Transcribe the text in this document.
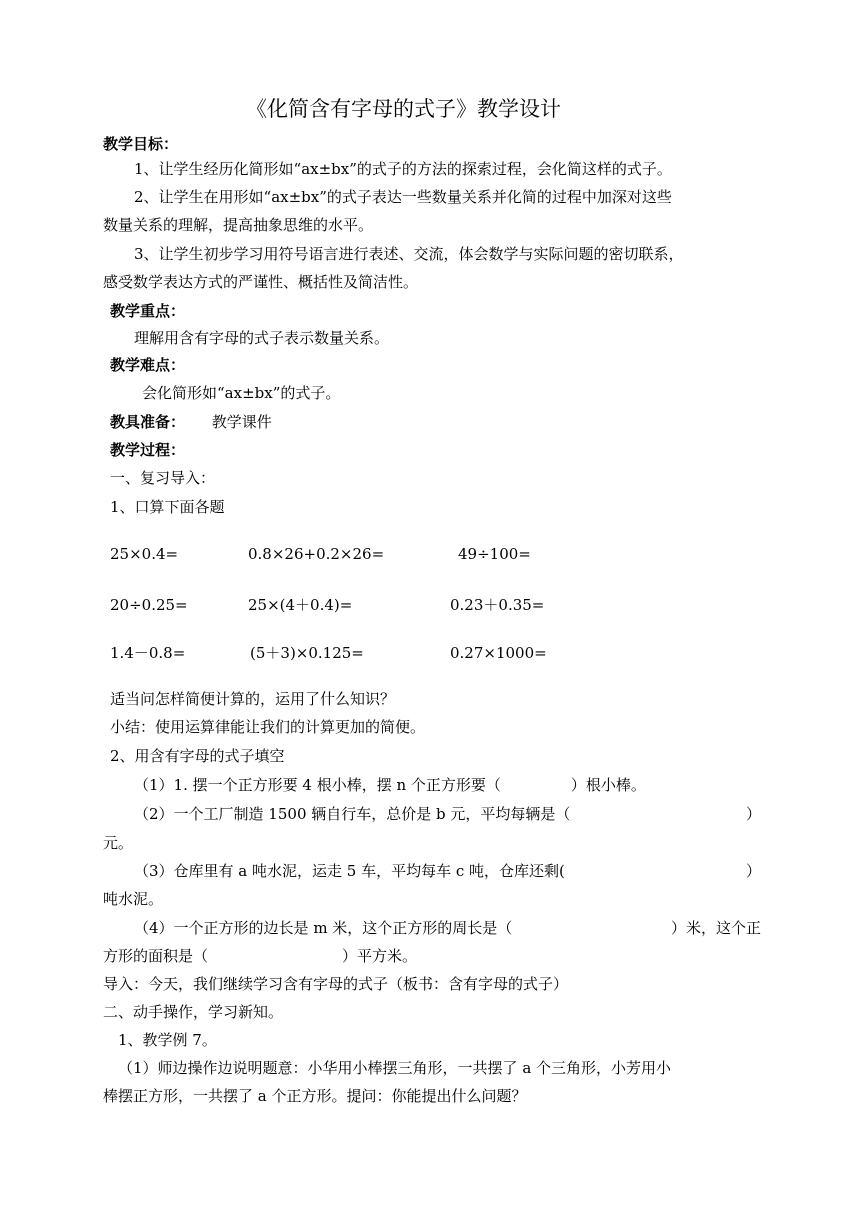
《化简含有字母的式子》教学设计
教学目标：
1、让学生经历化简形如“ax±bx”的式子的方法的探索过程，会化简这样的式子。
2、让学生在用形如“ax±bx”的式子表达一些数量关系并化简的过程中加深对这些
数量关系的理解，提高抽象思维的水平。
3、让学生初步学习用符号语言进行表述、交流，体会数学与实际问题的密切联系，
感受数学表达方式的严谨性、概括性及简洁性。
教学重点：
理解用含有字母的式子表示数量关系。
教学难点：
会化简形如“ax±bx”的式子。
教具准备： 教学课件
教学过程：
一、复习导入：
1、口算下面各题
25×0.4=	0.8×26+0.2×26=	49÷100=
20÷0.25=	25×(4＋0.4)=	0.23＋0.35=
1.4－0.8=	(5＋3)×0.125=	0.27×1000=
适当问怎样简便计算的，运用了什么知识？
小结：使用运算律能让我们的计算更加的简便。
2、用含有字母的式子填空
（1）1. 摆一个正方形要 4 根小棒，摆 n 个正方形要（	）根小棒。
（2）一个工厂制造 1500 辆自行车，总价是 b 元，平均每辆是（	）
元。
（3）仓库里有 a 吨水泥，运走 5 车，平均每车 c 吨，仓库还剩(	）
吨水泥。
（4）一个正方形的边长是 m 米，这个正方形的周长是（	）米，这个正
方形的面积是（	）平方米。
导入：今天，我们继续学习含有字母的式子（板书：含有字母的式子）
二、动手操作，学习新知。
1、教学例 7。
（1）师边操作边说明题意：小华用小棒摆三角形，一共摆了 a 个三角形，小芳用小
棒摆正方形，一共摆了 a 个正方形。提问：你能提出什么问题？
